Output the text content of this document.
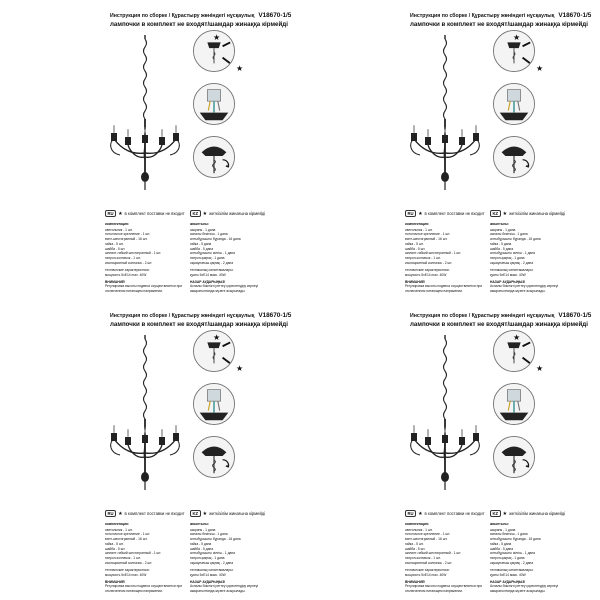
Инструкция по сборке / Құрастыру жөніндегі нұсқаулық V18670-1/5
лампочки в комплект не входят/шамдар жинаққа кірмейді
★
★
RU ★ в комплект поставки не входит	KZ ★ жеткізілім жинағына кірмейді
комплектация:
светильник - 1 шт.
потолочное крепление - 1 шт.
винт-шестигранный - 16 шт.
гайка - 5 шт.
шайба - 5 шт.
шплинт-гибкий шестигранный - 1 шт.
патрон-колпачок - 1 шт.
изоляционный колпачок - 2 шт.
технические характеристики:
мощность 5xE14 max. 40W
ВНИМАНИЕ!
Регулировка высоты подвеса осуществляется при отключенном питающем напряжении.
жиынтығы:
шырағы - 1 дана
аспалы бекіткіш - 1 дана
алтыбұрышты бұранда - 16 дана
гайка - 5 дана
шайба - 5 дана
алтыбұрышты иілгіш - 1 дана
патрон-қақпақ - 1 дана
оқшаулағыш қақпақ - 2 дана
техникалық сипаттамалары:
қуаты 5xE14 макс. 40W
НАЗАР АУДАРЫҢЫЗ!
Аспалы биіктікті реттеу қоректендіру кернеуі ажыратылғанда жүзеге асырылады.
Инструкция по сборке / Құрастыру жөніндегі нұсқаулық V18670-1/5
лампочки в комплект не входят/шамдар жинаққа кірмейді
★
★
RU ★ в комплект поставки не входит	KZ ★ жеткізілім жинағына кірмейді
комплектация:
светильник - 1 шт.
потолочное крепление - 1 шт.
винт-шестигранный - 16 шт.
гайка - 5 шт.
шайба - 5 шт.
шплинт-гибкий шестигранный - 1 шт.
патрон-колпачок - 1 шт.
изоляционный колпачок - 2 шт.
технические характеристики:
мощность 5xE14 max. 40W
ВНИМАНИЕ!
Регулировка высоты подвеса осуществляется при отключенном питающем напряжении.
жиынтығы:
шырағы - 1 дана
аспалы бекіткіш - 1 дана
алтыбұрышты бұранда - 16 дана
гайка - 5 дана
шайба - 5 дана
алтыбұрышты иілгіш - 1 дана
патрон-қақпақ - 1 дана
оқшаулағыш қақпақ - 2 дана
техникалық сипаттамалары:
қуаты 5xE14 макс. 40W
НАЗАР АУДАРЫҢЫЗ!
Аспалы биіктікті реттеу қоректендіру кернеуі ажыратылғанда жүзеге асырылады.
Инструкция по сборке / Құрастыру жөніндегі нұсқаулық V18670-1/5
лампочки в комплект не входят/шамдар жинаққа кірмейді
★
★
RU ★ в комплект поставки не входит	KZ ★ жеткізілім жинағына кірмейді
комплектация:
светильник - 1 шт.
потолочное крепление - 1 шт.
винт-шестигранный - 16 шт.
гайка - 5 шт.
шайба - 5 шт.
шплинт-гибкий шестигранный - 1 шт.
патрон-колпачок - 1 шт.
изоляционный колпачок - 2 шт.
технические характеристики:
мощность 5xE14 max. 40W
ВНИМАНИЕ!
Регулировка высоты подвеса осуществляется при отключенном питающем напряжении.
жиынтығы:
шырағы - 1 дана
аспалы бекіткіш - 1 дана
алтыбұрышты бұранда - 16 дана
гайка - 5 дана
шайба - 5 дана
алтыбұрышты иілгіш - 1 дана
патрон-қақпақ - 1 дана
оқшаулағыш қақпақ - 2 дана
техникалық сипаттамалары:
қуаты 5xE14 макс. 40W
НАЗАР АУДАРЫҢЫЗ!
Аспалы биіктікті реттеу қоректендіру кернеуі ажыратылғанда жүзеге асырылады.
Инструкция по сборке / Құрастыру жөніндегі нұсқаулық V18670-1/5
лампочки в комплект не входят/шамдар жинаққа кірмейді
★
★
RU ★ в комплект поставки не входит	KZ ★ жеткізілім жинағына кірмейді
комплектация:
светильник - 1 шт.
потолочное крепление - 1 шт.
винт-шестигранный - 16 шт.
гайка - 5 шт.
шайба - 5 шт.
шплинт-гибкий шестигранный - 1 шт.
патрон-колпачок - 1 шт.
изоляционный колпачок - 2 шт.
технические характеристики:
мощность 5xE14 max. 40W
ВНИМАНИЕ!
Регулировка высоты подвеса осуществляется при отключенном питающем напряжении.
жиынтығы:
шырағы - 1 дана
аспалы бекіткіш - 1 дана
алтыбұрышты бұранда - 16 дана
гайка - 5 дана
шайба - 5 дана
алтыбұрышты иілгіш - 1 дана
патрон-қақпақ - 1 дана
оқшаулағыш қақпақ - 2 дана
техникалық сипаттамалары:
қуаты 5xE14 макс. 40W
НАЗАР АУДАРЫҢЫЗ!
Аспалы биіктікті реттеу қоректендіру кернеуі ажыратылғанда жүзеге асырылады.
